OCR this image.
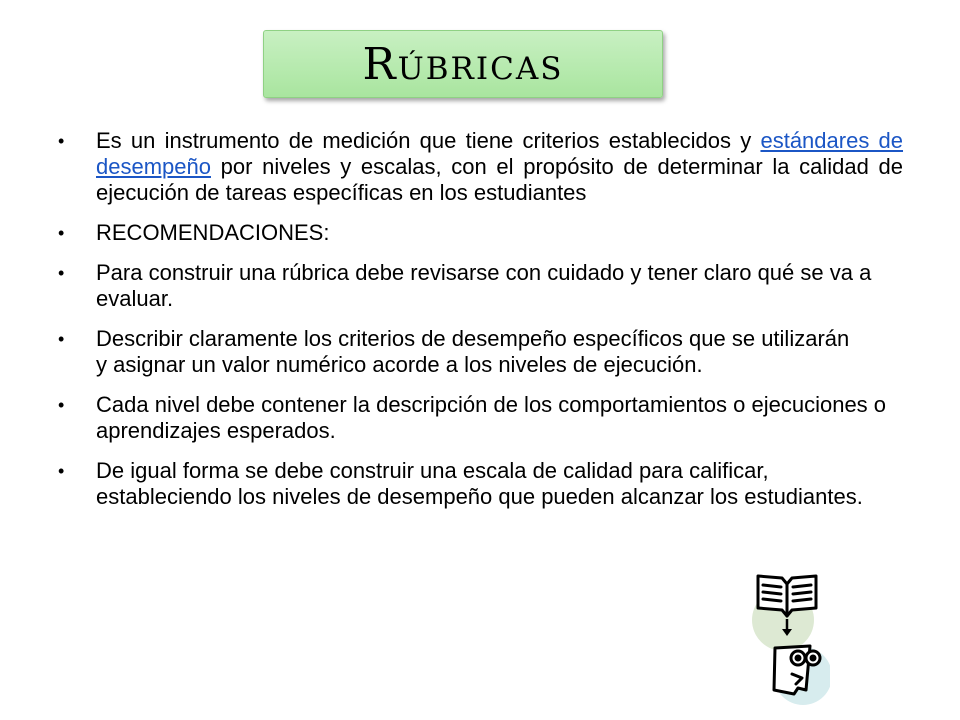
Rúbricas
•	Es un instrumento de medición que tiene criterios establecidos y estándares de desempeño por niveles y escalas, con el propósito de determinar la calidad de ejecución de tareas específicas en los estudiantes
•	RECOMENDACIONES:
•	Para construir una rúbrica debe revisarse con cuidado y tener claro qué se va a evaluar.
•	Describir claramente los criterios de desempeño específicos que se utilizarán y asignar un valor numérico acorde a los niveles de ejecución.
•	Cada nivel debe contener la descripción de los comportamientos o ejecuciones o aprendizajes esperados.
•	De igual forma se debe construir una escala de calidad para calificar, estableciendo los niveles de desempeño que pueden alcanzar los estudiantes.
